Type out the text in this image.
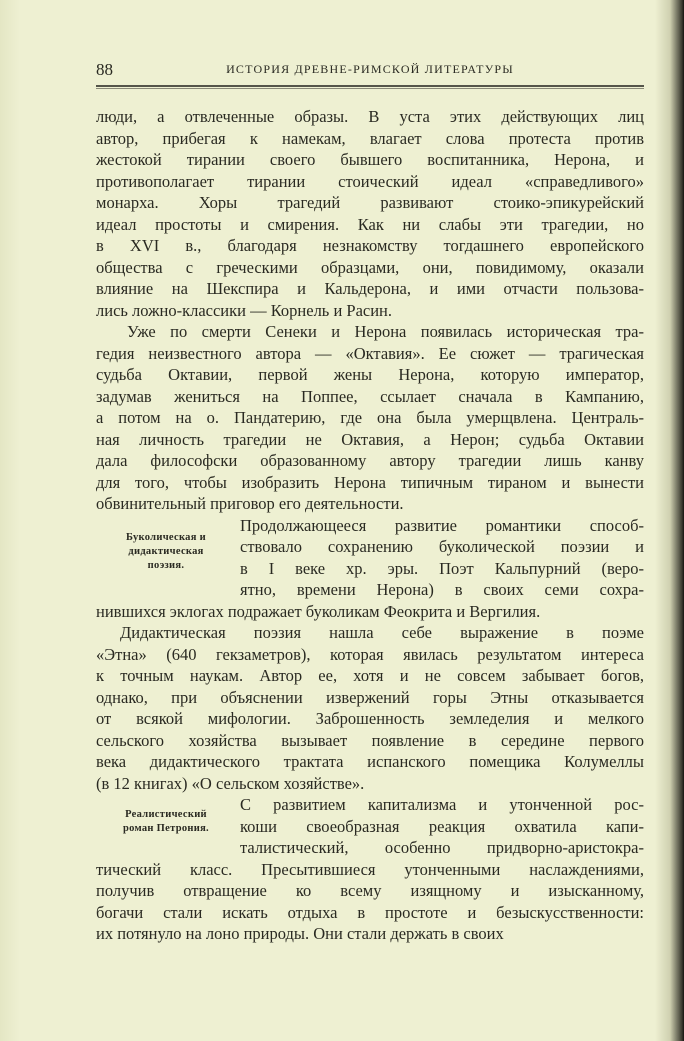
88	ИСТОРИЯ ДРЕВНЕ-РИМСКОЙ ЛИТЕРАТУРЫ
Буколическая и
дидактическая
поэзия.
Реалистический
роман Петрония.
люди, а отвлеченные образы. В уста этих действующих лиц
автор, прибегая к намекам, влагает слова протеста против
жестокой тирании своего бывшего воспитанника, Нерона, и
противополагает тирании стоический идеал «справедливого»
монарха. Хоры трагедий развивают стоико-эпикурейский
идеал простоты и смирения. Как ни слабы эти трагедии, но
в XVI в., благодаря незнакомству тогдашнего европейского
общества с греческими образцами, они, повидимому, оказали
влияние на Шекспира и Кальдерона, и ими отчасти пользова-
лись ложно-классики — Корнель и Расин.
Уже по смерти Сенеки и Нерона появилась историческая тра-
гедия неизвестного автора — «Октавия». Ее сюжет — трагическая
судьба Октавии, первой жены Нерона, которую император,
задумав жениться на Поппее, ссылает сначала в Кампанию,
а потом на о. Пандатерию, где она была умерщвлена. Централь-
ная личность трагедии не Октавия, а Нерон; судьба Октавии
дала философски образованному автору трагедии лишь канву
для того, чтобы изобразить Нерона типичным тираном и вынести
обвинительный приговор его деятельности.
Продолжающееся развитие романтики способ-
ствовало сохранению буколической поэзии и
в I веке хр. эры. Поэт Кальпурний (веро-
ятно, времени Нерона) в своих семи сохра-
нившихся эклогах подражает буколикам Феокрита и Вергилия.
Дидактическая поэзия нашла себе выражение в поэме
«Этна» (640 гекзаметров), которая явилась результатом интереса
к точным наукам. Автор ее, хотя и не совсем забывает богов,
однако, при объяснении извержений горы Этны отказывается
от всякой мифологии. Заброшенность земледелия и мелкого
сельского хозяйства вызывает появление в середине первого
века дидактического трактата испанского помещика Колумеллы
(в 12 книгах) «О сельском хозяйстве».
С развитием капитализма и утонченной рос-
коши своеобразная реакция охватила капи-
талистический, особенно придворно-аристокра-
тический класс. Пресытившиеся утонченными наслаждениями,
получив отвращение ко всему изящному и изысканному,
богачи стали искать отдыха в простоте и безыскусственности:
их потянуло на лоно природы. Они стали держать в своих
